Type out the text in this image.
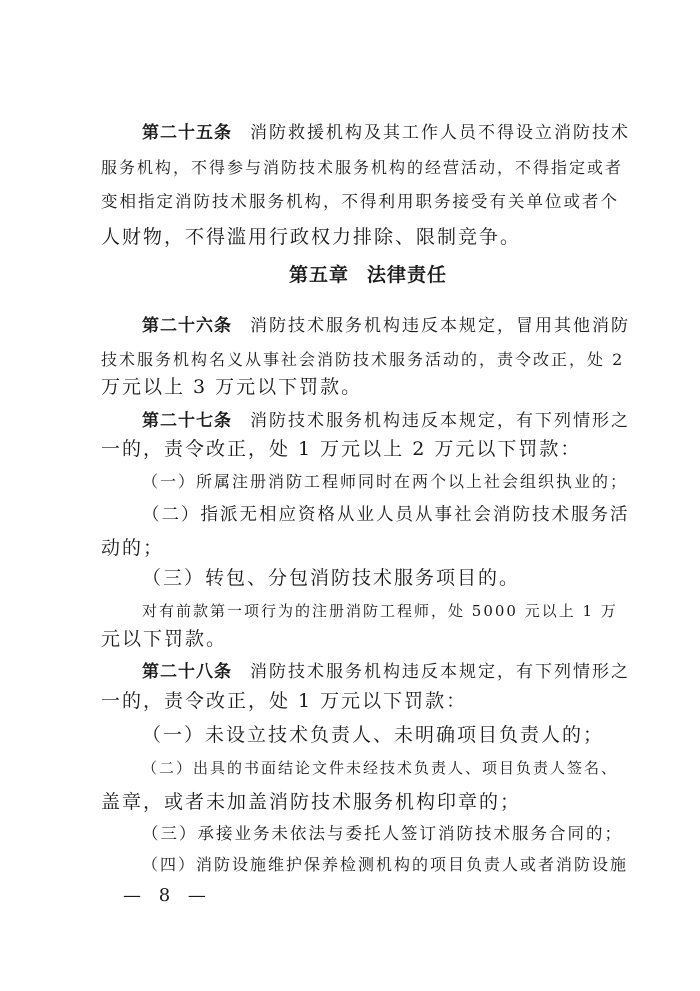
第二十五条 消防救援机构及其工作人员不得设立消防技术
服务机构，不得参与消防技术服务机构的经营活动，不得指定或者
变相指定消防技术服务机构，不得利用职务接受有关单位或者个
人财物，不得滥用行政权力排除、限制竞争。
第五章 法律责任
第二十六条 消防技术服务机构违反本规定，冒用其他消防
技术服务机构名义从事社会消防技术服务活动的，责令改正，处 2
万元以上 3 万元以下罚款。
第二十七条 消防技术服务机构违反本规定，有下列情形之
一的，责令改正，处 1 万元以上 2 万元以下罚款：
（一）所属注册消防工程师同时在两个以上社会组织执业的；
（二）指派无相应资格从业人员从事社会消防技术服务活
动的；
（三）转包、分包消防技术服务项目的。
对有前款第一项行为的注册消防工程师，处 5000 元以上 1 万
元以下罚款。
第二十八条 消防技术服务机构违反本规定，有下列情形之
一的，责令改正，处 1 万元以下罚款：
（一）未设立技术负责人、未明确项目负责人的；
（二）出具的书面结论文件未经技术负责人、项目负责人签名、
盖章，或者未加盖消防技术服务机构印章的；
（三）承接业务未依法与委托人签订消防技术服务合同的；
（四）消防设施维护保养检测机构的项目负责人或者消防设施
— 8 —
